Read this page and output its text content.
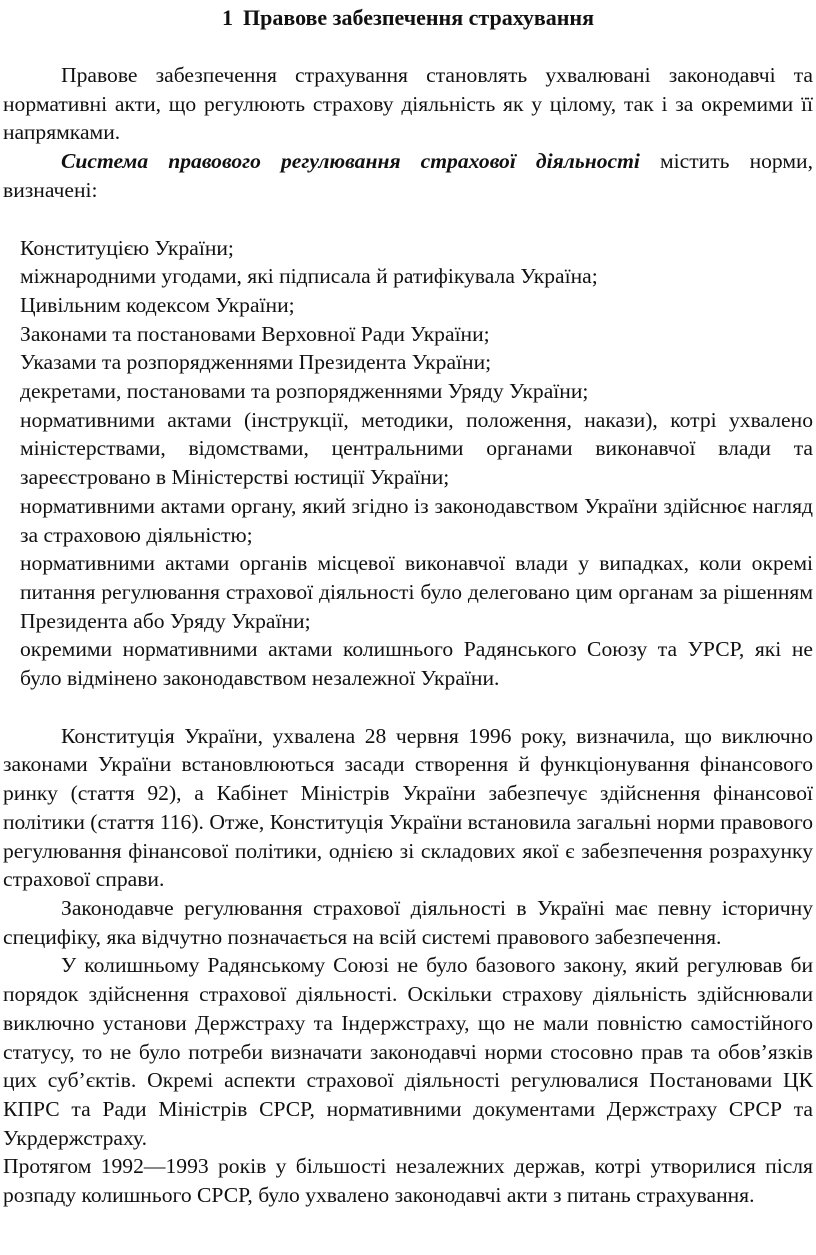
1 Правове забезпечення страхування

Правове забезпечення страхування становлять ухвалювані законодавчі та нормативні акти, що регулюють страхову діяльність як у цілому, так і за окремими її напрямками.

Система правового регулювання страхової діяльності містить норми, визначені:

Конституцією України;
міжнародними угодами, які підписала й ратифікувала Україна;
Цивільним кодексом України;
Законами та постановами Верховної Ради України;
Указами та розпорядженнями Президента України;
декретами, постановами та розпорядженнями Уряду України;
нормативними актами (інструкції, методики, положення, накази), котрі ухвалено міністерствами, відомствами, центральними органами виконавчої влади та зареєстровано в Міністерстві юстиції України;
нормативними актами органу, який згідно із законодавством України здійснює нагляд за страховою діяльністю;
нормативними актами органів місцевої виконавчої влади у випадках, коли окремі питання регулювання страхової діяльності було делеговано цим органам за рішенням Президента або Уряду України;
окремими нормативними актами колишнього Радянського Союзу та УРСР, які не було відмінено законодавством незалежної України.

Конституція України, ухвалена 28 червня 1996 року, визначила, що виключно законами України встановлюються засади створення й функціонування фінансового ринку (стаття 92), а Кабінет Міністрів України забезпечує здійснення фінансової політики (стаття 116). Отже, Конституція України встановила загальні норми правового регулювання фінансової політики, однією зі складових якої є забезпечення розрахунку страхової справи.

Законодавче регулювання страхової діяльності в Україні має певну історичну специфіку, яка відчутно позначається на всій системі правового забезпечення.

У колишньому Радянському Союзі не було базового закону, який регулював би порядок здійснення страхової діяльності. Оскільки страхову діяльність здійснювали виключно установи Держстраху та Індержстраху, що не мали повністю самостійного статусу, то не було потреби визначати законодавчі норми стосовно прав та обов’язків цих суб’єктів. Окремі аспекти страхової діяльності регулювалися Постановами ЦК КПРС та Ради Міністрів СРСР, нормативними документами Держстраху СРСР та Укрдержстраху.

Протягом 1992—1993 років у більшості незалежних держав, котрі утворилися після розпаду колишнього СРСР, було ухвалено законодавчі акти з питань страхування.
